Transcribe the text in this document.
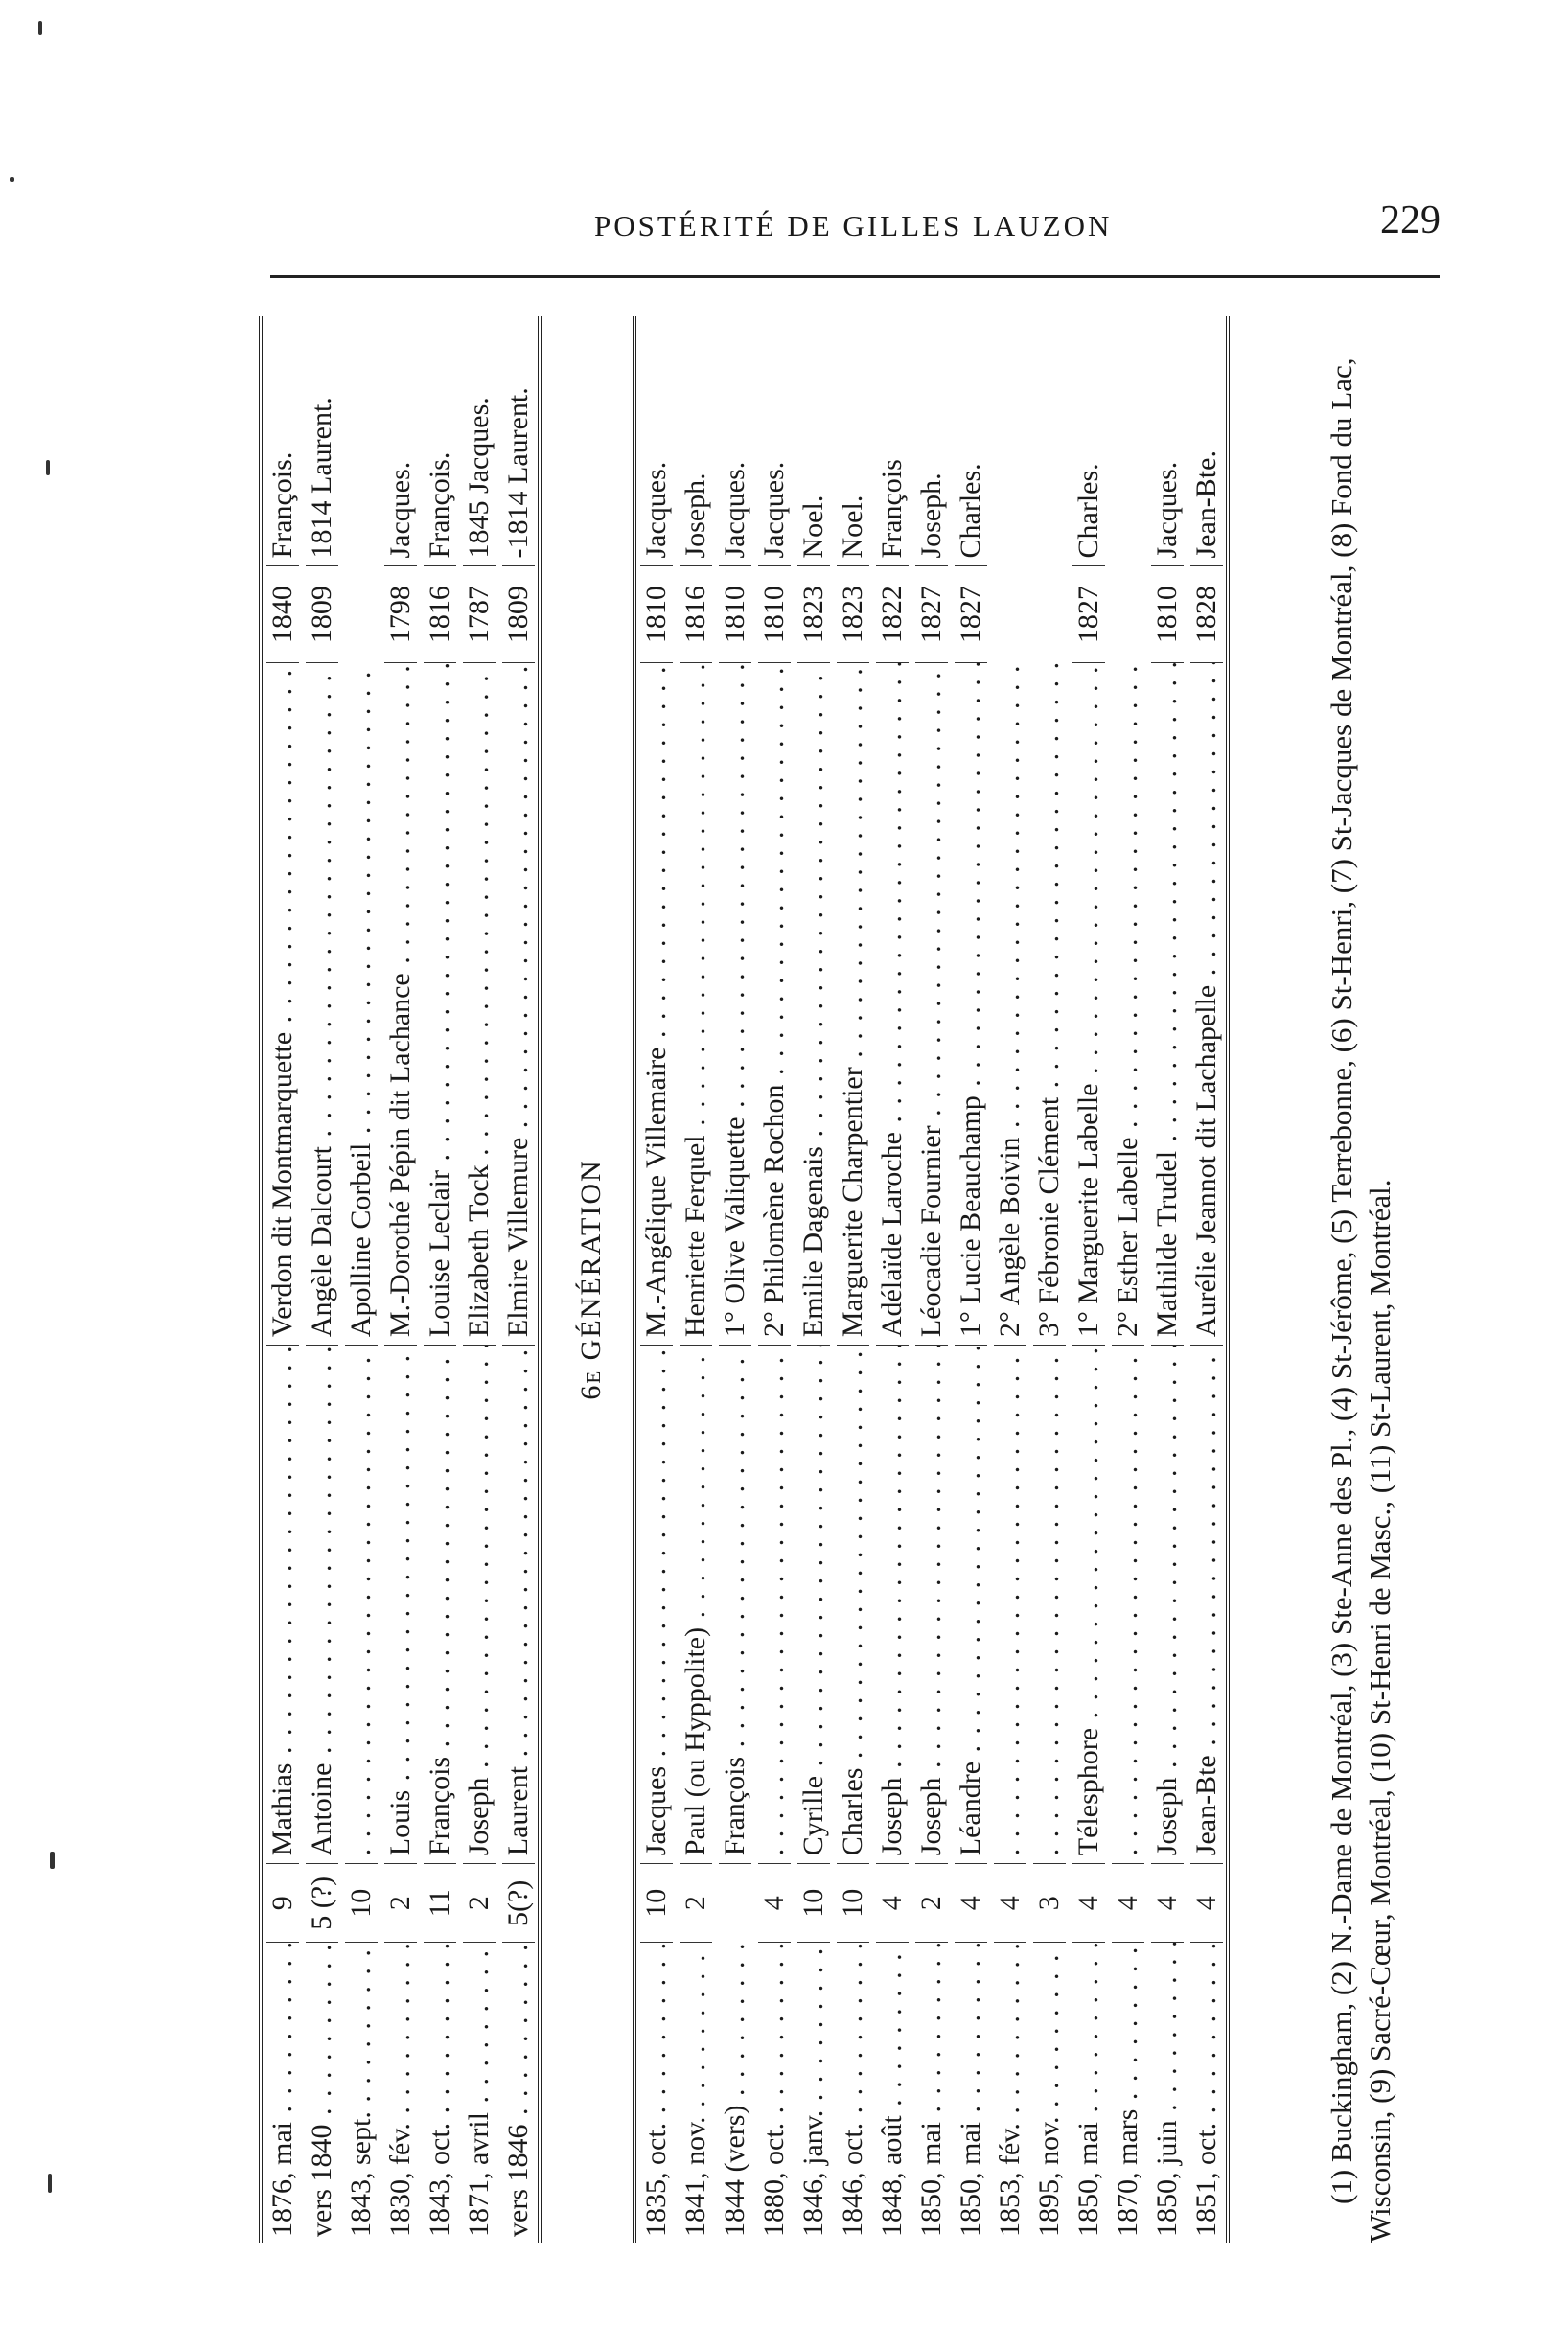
POSTÉRITÉ DE GILLES LAUZON	229
1876, mai . . .
9
Mathias . . .
Verdon dit Montmarquette . . .
1840
François.
vers 1840 . . .
5 (?)
Antoine . . .
Angèle Dalcourt . . .
1809
1814 Laurent.
1843, sept. . . .
10
. . .
Apolline Corbeil . . .
1830, fév. . . .
2
Louis . . .
M.-Dorothé Pépin dit Lachance . . .
1798
Jacques.
1843, oct. . . .
11
François . . .
Louise Leclair . . .
1816
François.
1871, avril . . .
2
Joseph . . .
Elizabeth Tock . . .
1787
1845 Jacques.
vers 1846 . . .
5(?)
Laurent . . .
Elmire Villemure . . .
1809
-1814 Laurent.
6e GÉNÉRATION
1835, oct. . . .
10
Jacques . . .
M.-Angélique Villemaire . . .
1810
Jacques.
1841, nov. . . .
2
Paul (ou Hyppolite) . . .
Henriette Ferquel . . .
1816
Joseph.
1844 (vers) . . .
François . . .
1° Olive Valiquette . . .
1810
Jacques.
1880, oct. . . .
4
. . .
2° Philomène Rochon . . .
1810
Jacques.
1846, janv. . . .
10
Cyrille . . .
Emilie Dagenais . . .
1823
Noel.
1846, oct. . . .
10
Charles . . .
Marguerite Charpentier . . .
1823
Noel.
1848, août . . .
4
Joseph . . .
Adélaïde Laroche . . .
1822
François
1850, mai . . .
2
Joseph . . .
Léocadie Fournier . . .
1827
Joseph.
1850, mai . . .
4
Léandre . . .
1° Lucie Beauchamp . . .
1827
Charles.
1853, fév. . . .
4
. . .
2° Angèle Boivin . . .
1895, nov. . . .
3
. . .
3° Fébronie Clément . . .
1850, mai . . .
4
Télesphore . . .
1° Marguerite Labelle . . .
1827
Charles.
1870, mars . . .
4
. . .
2° Esther Labelle . . .
1850, juin . . .
4
Joseph . . .
Mathilde Trudel . . .
1810
Jacques.
1851, oct. . . .
4
Jean-Bte . . .
Aurélie Jeannot dit Lachapelle . . .
1828
Jean-Bte.	(1) Buckingham, (2) N.-Dame de Montréal, (3) Ste-Anne des Pl., (4) St-Jérôme, (5) Terrebonne, (6) St-Henri, (7) St-Jacques de Montréal, (8) Fond du Lac, Wisconsin, (9) Sacré-Cœur, Montréal, (10) St-Henri de Masc., (11) St-Laurent, Montréal.
